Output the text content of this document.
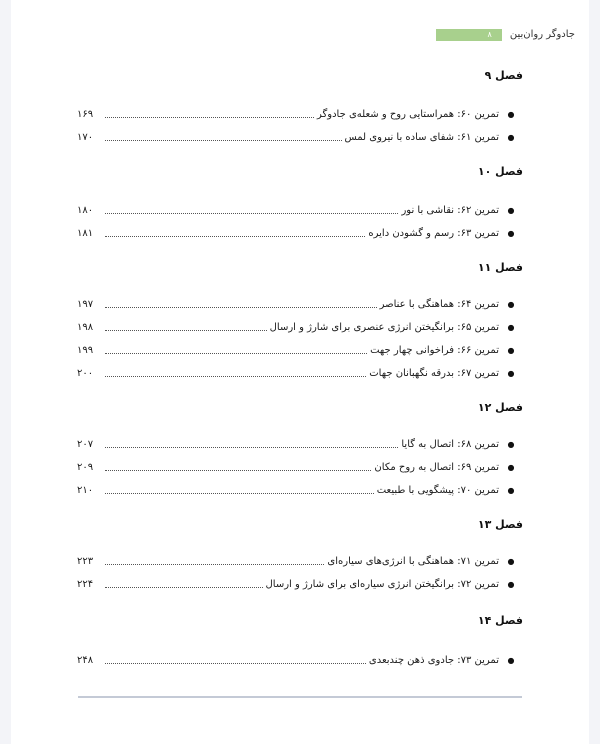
۸	جادوگر روان‌بین
فصل ۹
●
تمرین ۶۰: همراستایی روح و شعله‌ی جادوگر
۱۶۹
●
تمرین ۶۱: شفای ساده با نیروی لمس
۱۷۰
فصل ۱۰
●
تمرین ۶۲: نقاشی با نور
۱۸۰
●
تمرین ۶۳: رسم و گشودن دایره
۱۸۱
فصل ۱۱
●
تمرین ۶۴: هماهنگی با عناصر
۱۹۷
●
تمرین ۶۵: برانگیختن انرژی عنصری برای شارژ و ارسال
۱۹۸
●
تمرین ۶۶: فراخوانی چهار جهت
۱۹۹
●
تمرین ۶۷: بدرقه نگهبانان جهات
۲۰۰
فصل ۱۲
●
تمرین ۶۸: اتصال به گایا
۲۰۷
●
تمرین ۶۹: اتصال به روح مکان
۲۰۹
●
تمرین ۷۰: پیشگویی با طبیعت
۲۱۰
فصل ۱۳
●
تمرین ۷۱: هماهنگی با انرژی‌های سیاره‌ای
۲۲۳
●
تمرین ۷۲: برانگیختن انرژی سیاره‌ای برای شارژ و ارسال
۲۲۴
فصل ۱۴
●
تمرین ۷۳: جادوی ذهن چندبعدی
۲۴۸
